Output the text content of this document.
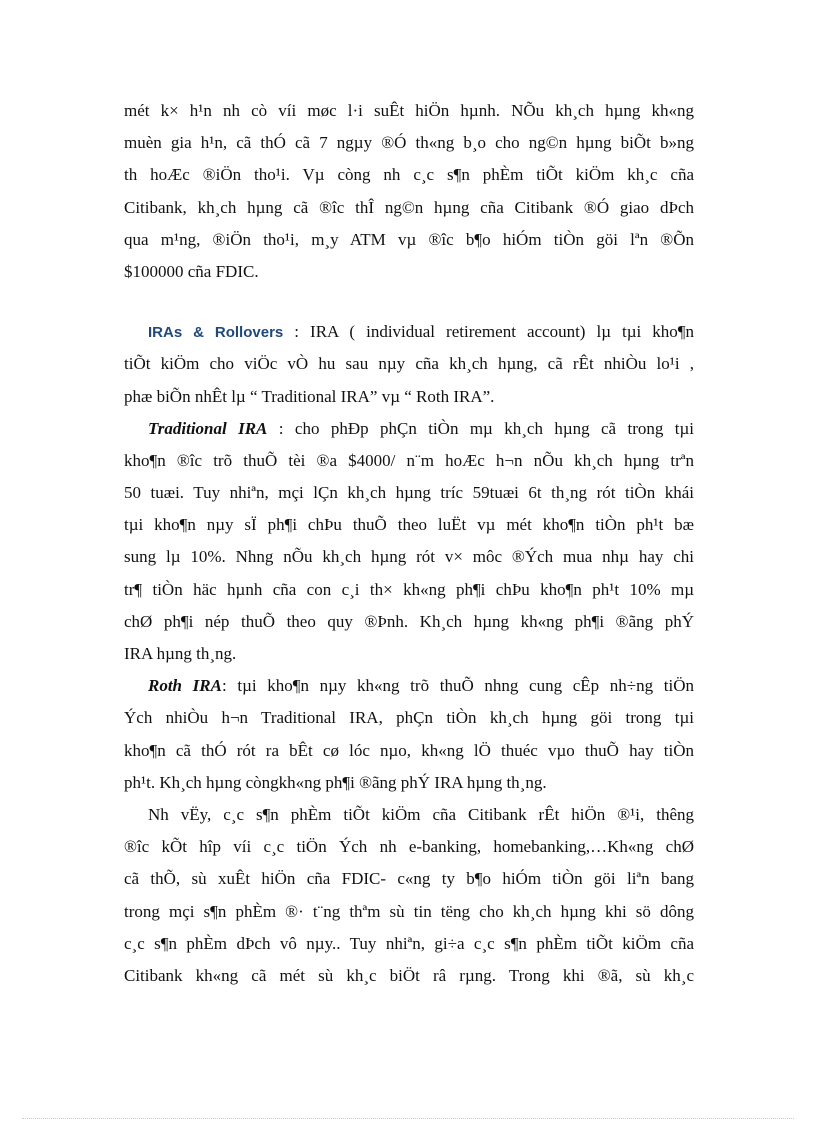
mét k× h¹n nh cò víi møc l·i suÊt hiÖn hµnh. NÕu kh¸ch hµng kh«ng
muèn gia h¹n, cã thÓ cã 7 ngµy ®Ó th«ng b¸o cho ng©n hµng biÕt b»ng
th hoÆc ®iÖn tho¹i. Vµ còng nh c¸c s¶n phÈm tiÕt kiÖm kh¸c cña
Citibank, kh¸ch hµng cã ®îc thÎ ng©n hµng cña Citibank ®Ó giao dÞch
qua m¹ng, ®iÖn tho¹i, m¸y ATM vµ ®îc b¶o hiÓm tiÒn göi lªn ®Õn
$100000 cña FDIC.
IRAs & Rollovers : IRA ( individual retirement account) lµ tµi kho¶n
tiÕt kiÖm cho viÖc vÒ hu sau nµy cña kh¸ch hµng, cã rÊt nhiÒu lo¹i ,
phæ biÕn nhÊt lµ “ Traditional IRA” vµ “ Roth IRA”.
Traditional IRA : cho phÐp phÇn tiÒn mµ kh¸ch hµng cã trong tµi
kho¶n ®îc trõ thuÕ tèi ®a $4000/ n¨m hoÆc h¬n nÕu kh¸ch hµng trªn
50 tuæi. Tuy nhiªn, mçi lÇn kh¸ch hµng tríc 59tuæi 6t th¸ng rót tiÒn khái
tµi kho¶n nµy sÏ ph¶i chÞu thuÕ theo luËt vµ mét kho¶n tiÒn ph¹t bæ
sung lµ 10%. Nhng nÕu kh¸ch hµng rót v× môc ®Ých mua nhµ hay chi
tr¶ tiÒn häc hµnh cña con c¸i th× kh«ng ph¶i chÞu kho¶n ph¹t 10% mµ
chØ ph¶i nép thuÕ theo quy ®Þnh. Kh¸ch hµng kh«ng ph¶i ®ãng phÝ
IRA hµng th¸ng.
Roth IRA: tµi kho¶n nµy kh«ng trõ thuÕ nhng cung cÊp nh÷ng tiÖn
Ých nhiÒu h¬n Traditional IRA, phÇn tiÒn kh¸ch hµng göi trong tµi
kho¶n cã thÓ rót ra bÊt cø lóc nµo, kh«ng lÖ thuéc vµo thuÕ hay tiÒn
ph¹t. Kh¸ch hµng còngkh«ng ph¶i ®ãng phÝ IRA hµng th¸ng.
Nh vËy, c¸c s¶n phÈm tiÕt kiÖm cña Citibank rÊt hiÖn ®¹i, thêng
®îc kÕt hîp víi c¸c tiÖn Ých nh e-banking, homebanking,…Kh«ng chØ
cã thÕ, sù xuÊt hiÖn cña FDIC- c«ng ty b¶o hiÓm tiÒn göi liªn bang
trong mçi s¶n phÈm ®· t¨ng thªm sù tin tëng cho kh¸ch hµng khi sö dông
c¸c s¶n phÈm dÞch vô nµy.. Tuy nhiªn, gi÷a c¸c s¶n phÈm tiÕt kiÖm cña
Citibank kh«ng cã mét sù kh¸c biÖt râ rµng. Trong khi ®ã, sù kh¸c
